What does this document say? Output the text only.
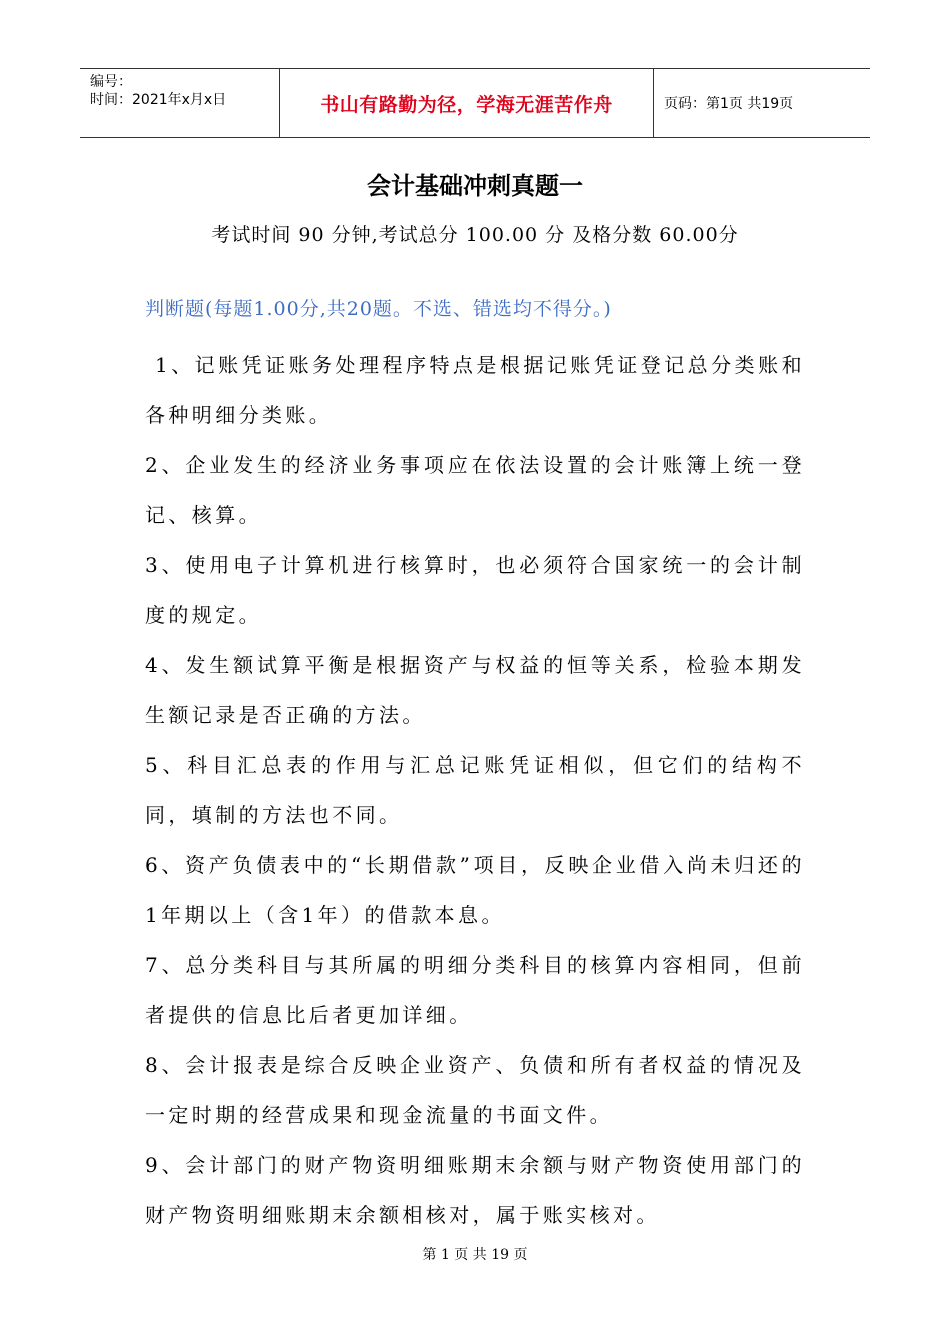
编号：
时间：2021年x月x日	书山有路勤为径，学海无涯苦作舟	页码：第1页 共19页
会计基础冲刺真题一
考试时间 90 分钟,考试总分 100.00 分 及格分数 60.00分
判断题(每题1.00分,共20题。不选、错选均不得分。)
1、记账凭证账务处理程序特点是根据记账凭证登记总分类账和各种明细分类账。
2、企业发生的经济业务事项应在依法设置的会计账簿上统一登记、核算。
3、使用电子计算机进行核算时，也必须符合国家统一的会计制度的规定。
4、发生额试算平衡是根据资产与权益的恒等关系，检验本期发生额记录是否正确的方法。
5、科目汇总表的作用与汇总记账凭证相似，但它们的结构不同，填制的方法也不同。
6、资产负债表中的“长期借款”项目，反映企业借入尚未归还的1年期以上（含1年）的借款本息。
7、总分类科目与其所属的明细分类科目的核算内容相同，但前者提供的信息比后者更加详细。
8、会计报表是综合反映企业资产、负债和所有者权益的情况及一定时期的经营成果和现金流量的书面文件。
9、会计部门的财产物资明细账期末余额与财产物资使用部门的财产物资明细账期末余额相核对，属于账实核对。
第 1 页 共 19 页
